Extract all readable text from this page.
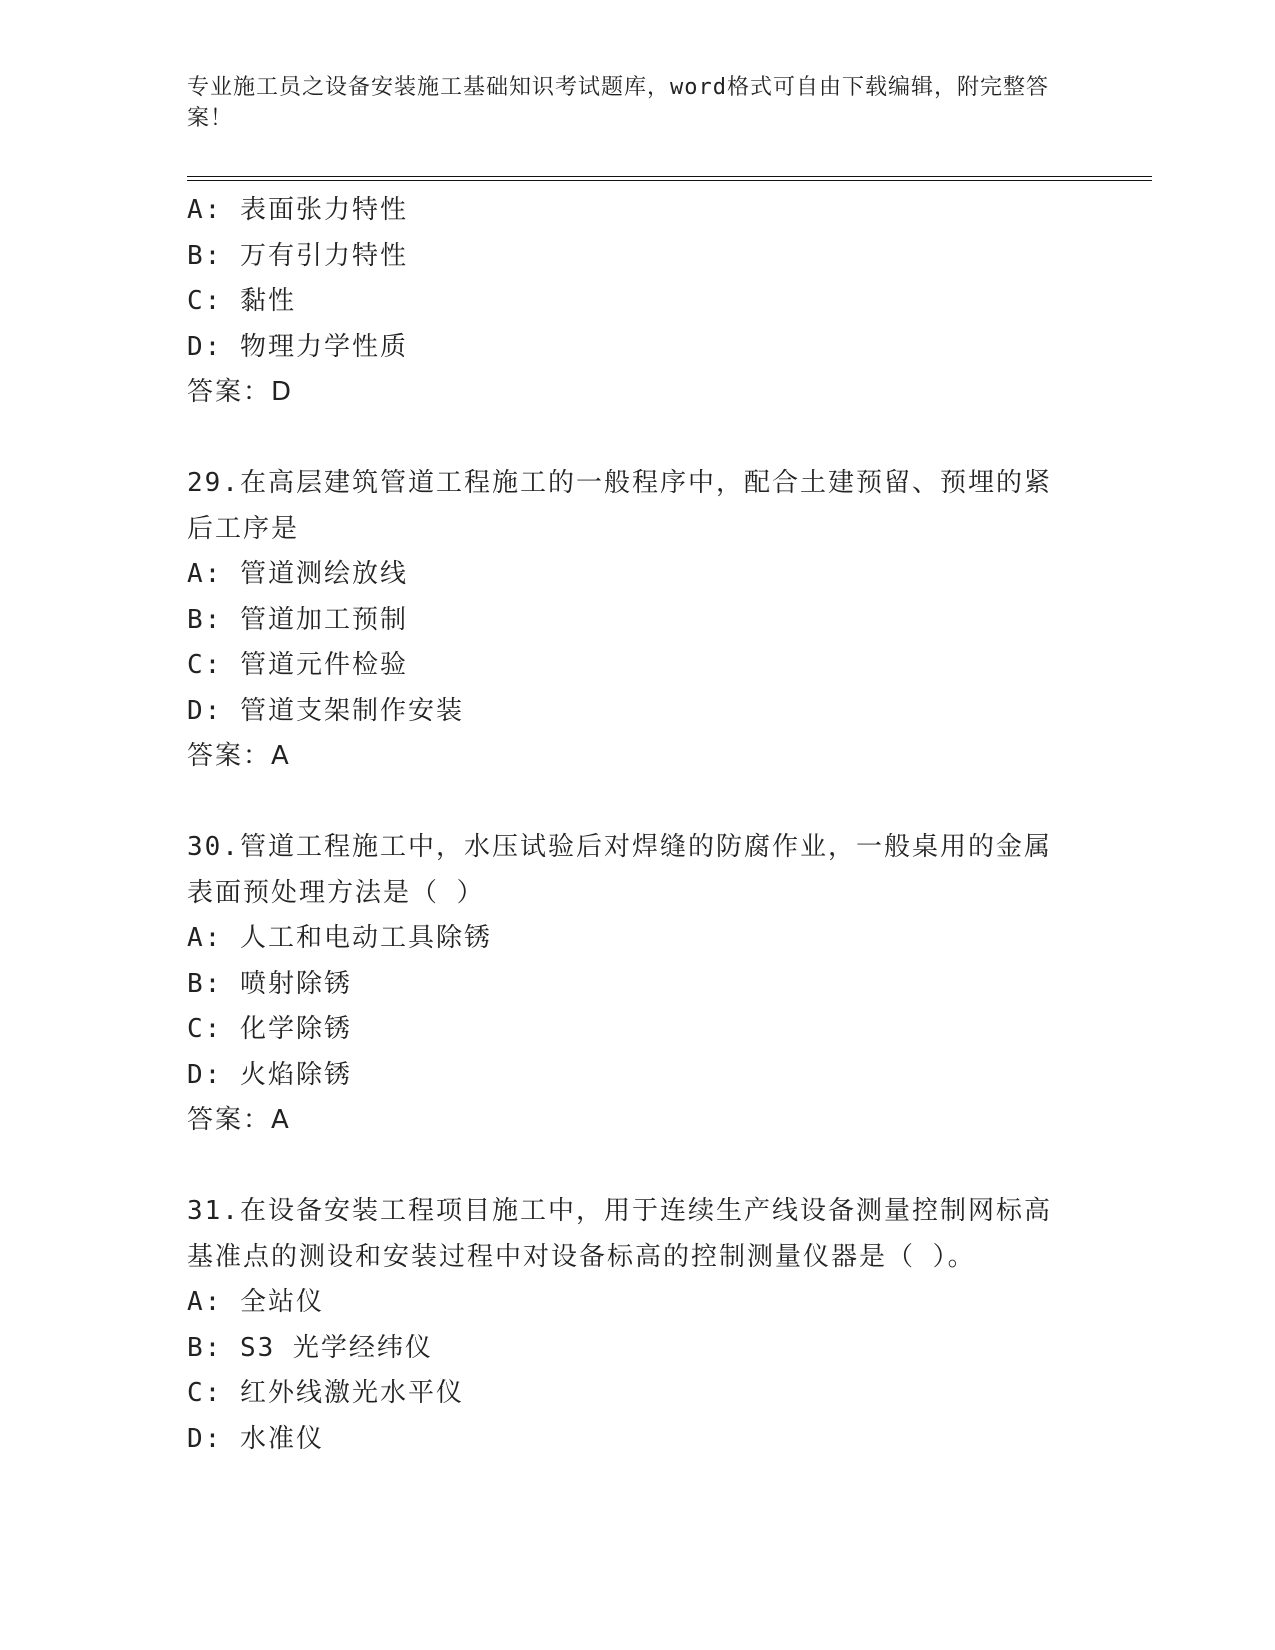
专业施工员之设备安装施工基础知识考试题库，word格式可自由下载编辑，附完整答案！
A: 表面张力特性
B: 万有引力特性
C: 黏性
D: 物理力学性质
答案：D
29.在高层建筑管道工程施工的一般程序中，配合土建预留、预埋的紧后工序是
A: 管道测绘放线
B: 管道加工预制
C: 管道元件检验
D: 管道支架制作安装
答案：A
30.管道工程施工中，水压试验后对焊缝的防腐作业，一般桌用的金属表面预处理方法是（ ）
A: 人工和电动工具除锈
B: 喷射除锈
C: 化学除锈
D: 火焰除锈
答案：A
31.在设备安装工程项目施工中，用于连续生产线设备测量控制网标高基准点的测设和安装过程中对设备标高的控制测量仪器是（ ）。
A: 全站仪
B: S3 光学经纬仪
C: 红外线激光水平仪
D: 水准仪
